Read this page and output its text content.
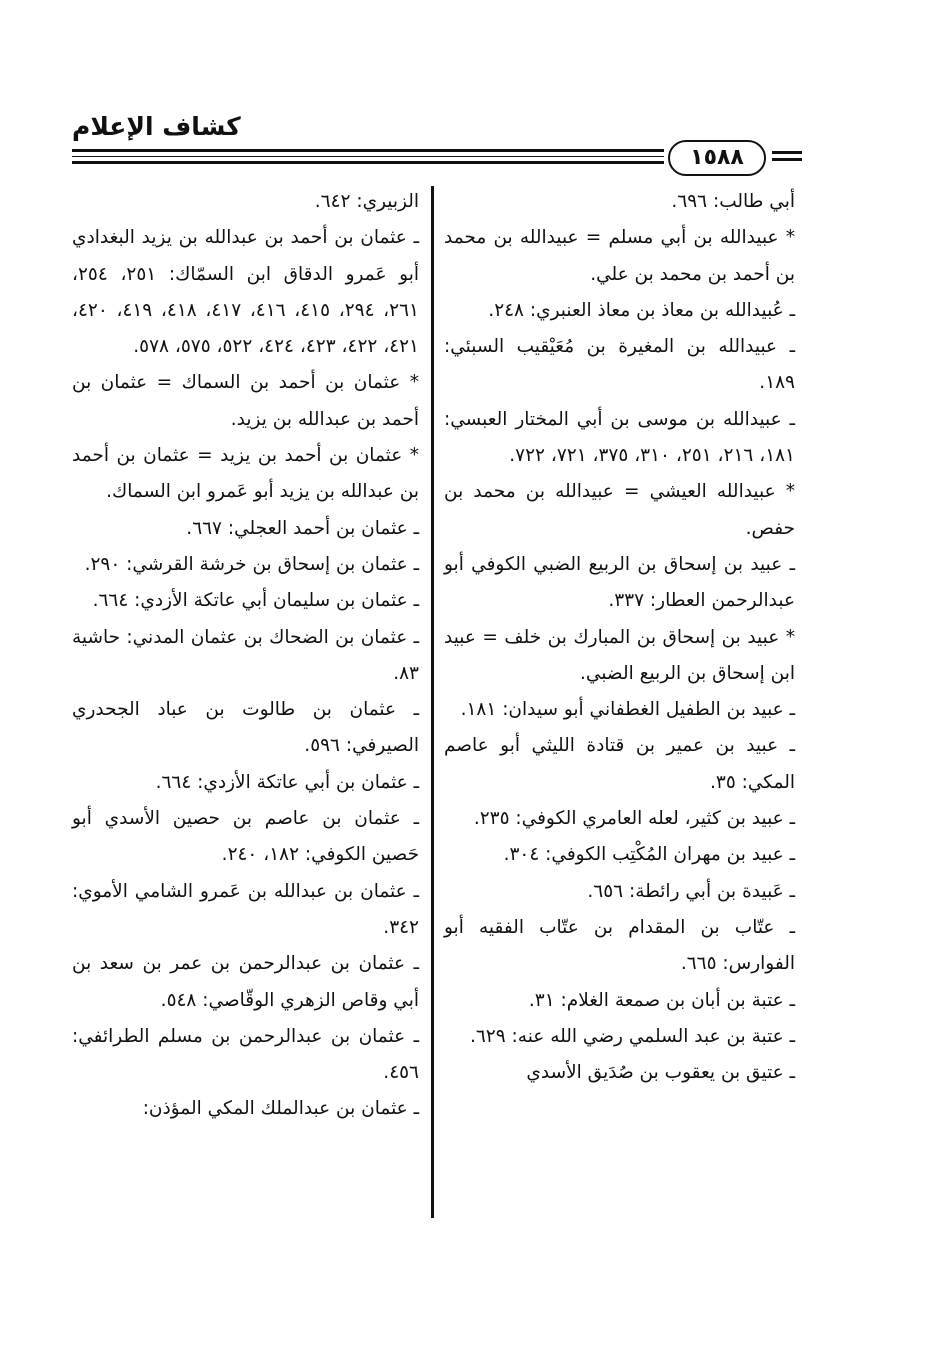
كشاف الإعلام
١٥٨٨

أبي طالب: ٦٩٦.

* عبيدالله بن أبي مسلم = عبيدالله بن محمد بن أحمد بن محمد بن علي.

ـ عُبيدالله بن معاذ بن معاذ العنبري: ٢٤٨.

ـ عبيدالله بن المغيرة بن مُعَيْقيب السبئي: ١٨٩.

ـ عبيدالله بن موسى بن أبي المختار العبسي: ١٨١، ٢١٦، ٢٥١، ٣١٠، ٣٧٥، ٧٢١، ٧٢٢.

* عبيدالله العيشي = عبيدالله بن محمد بن حفص.

ـ عبيد بن إسحاق بن الربيع الضبي الكوفي أبو عبدالرحمن العطار: ٣٣٧.

* عبيد بن إسحاق بن المبارك بن خلف = عبيد ابن إسحاق بن الربيع الضبي.

ـ عبيد بن الطفيل الغطفاني أبو سيدان: ١٨١.

ـ عبيد بن عمير بن قتادة الليثي أبو عاصم المكي: ٣٥.

ـ عبيد بن كثير، لعله العامري الكوفي: ٢٣٥.

ـ عبيد بن مهران المُكْتِب الكوفي: ٣٠٤.

ـ عَبيدة بن أبي رائطة: ٦٥٦.

ـ عتّاب بن المقدام بن عتّاب الفقيه أبو الفوارس: ٦٦٥.

ـ عتبة بن أبان بن صمعة الغلام: ٣١.

ـ عتبة بن عبد السلمي رضي الله عنه: ٦٢٩.

ـ عتيق بن يعقوب بن صُدَيق الأسدي

الزبيري: ٦٤٢.

ـ عثمان بن أحمد بن عبدالله بن يزيد البغدادي أبو عَمرو الدقاق ابن السمّاك: ٢٥١، ٢٥٤، ٢٦١، ٢٩٤، ٤١٥، ٤١٦، ٤١٧، ٤١٨، ٤١٩، ٤٢٠، ٤٢١، ٤٢٢، ٤٢٣، ٤٢٤، ٥٢٢، ٥٧٥، ٥٧٨.

* عثمان بن أحمد بن السماك = عثمان بن أحمد بن عبدالله بن يزيد.

* عثمان بن أحمد بن يزيد = عثمان بن أحمد بن عبدالله بن يزيد أبو عَمرو ابن السماك.

ـ عثمان بن أحمد العجلي: ٦٦٧.

ـ عثمان بن إسحاق بن خرشة القرشي: ٢٩٠.

ـ عثمان بن سليمان أبي عاتكة الأزدي: ٦٦٤.

ـ عثمان بن الضحاك بن عثمان المدني: حاشية ٨٣.

ـ عثمان بن طالوت بن عباد الجحدري الصيرفي: ٥٩٦.

ـ عثمان بن أبي عاتكة الأزدي: ٦٦٤.

ـ عثمان بن عاصم بن حصين الأسدي أبو حَصين الكوفي: ١٨٢، ٢٤٠.

ـ عثمان بن عبدالله بن عَمرو الشامي الأموي: ٣٤٢.

ـ عثمان بن عبدالرحمن بن عمر بن سعد بن أبي وقاص الزهري الوقّاصي: ٥٤٨.

ـ عثمان بن عبدالرحمن بن مسلم الطرائفي: ٤٥٦.

ـ عثمان بن عبدالملك المكي المؤذن:
